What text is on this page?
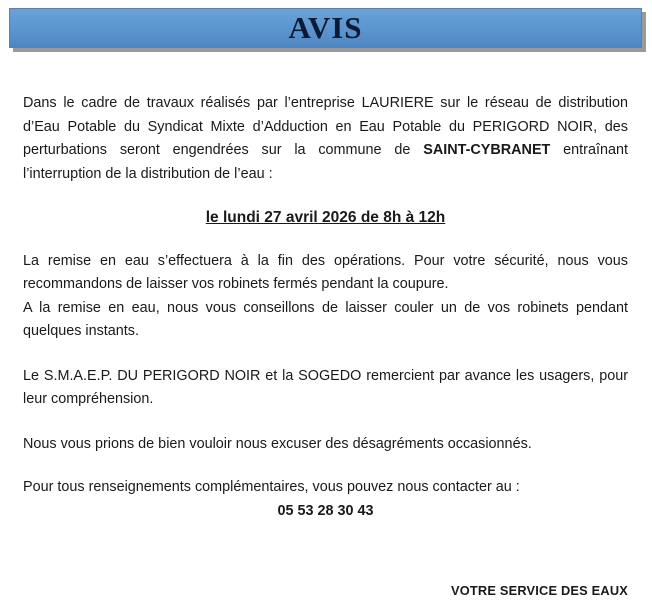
AVIS

Dans le cadre de travaux réalisés par l’entreprise LAURIERE sur le réseau de distribution d’Eau Potable du Syndicat Mixte d’Adduction en Eau Potable du PERIGORD NOIR, des perturbations seront engendrées sur la commune de SAINT-CYBRANET entraînant l’interruption de la distribution de l’eau :

le lundi 27 avril 2026 de 8h à 12h

La remise en eau s’effectuera à la fin des opérations. Pour votre sécurité, nous vous recommandons de laisser vos robinets fermés pendant la coupure.

A la remise en eau, nous vous conseillons de laisser couler un de vos robinets pendant quelques instants.

Le S.M.A.E.P. DU PERIGORD NOIR et la SOGEDO remercient par avance les usagers, pour leur compréhension.

Nous vous prions de bien vouloir nous excuser des désagréments occasionnés.

Pour tous renseignements complémentaires, vous pouvez nous contacter au :

05 53 28 30 43

VOTRE SERVICE DES EAUX
